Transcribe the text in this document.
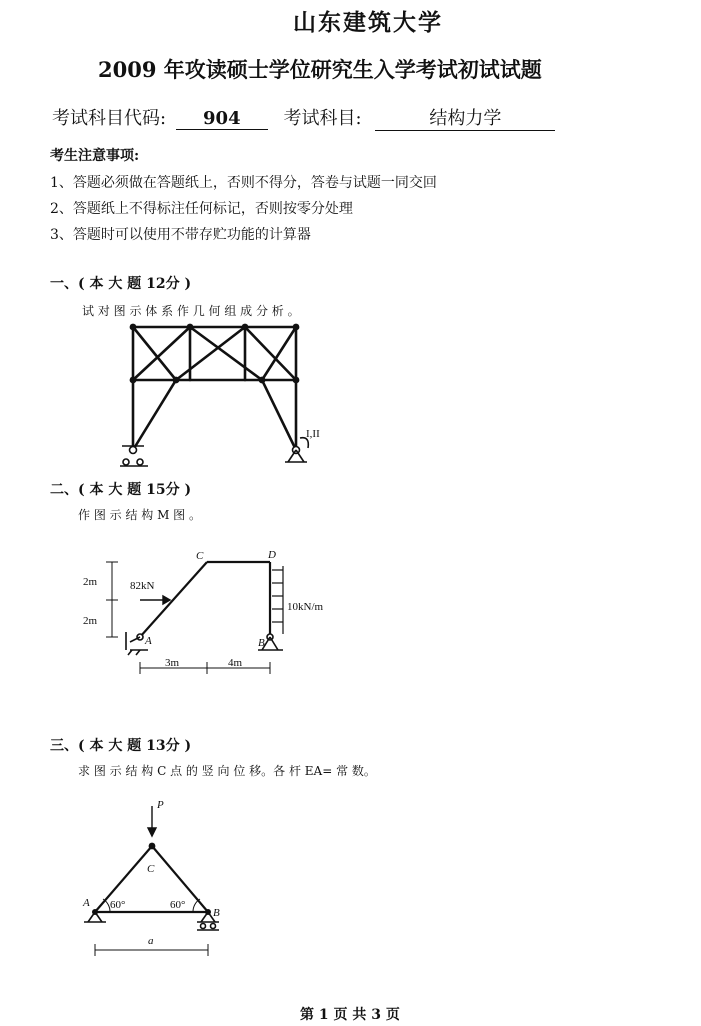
山东建筑大学
2009 年攻读硕士学位研究生入学考试初试试题
考试科目代码: 904 考试科目:	结构力学
考生注意事项:
1、答题必须做在答题纸上，否则不得分，答卷与试题一同交回
2、答题纸上不得标注任何标记，否则按零分处理
3、答题时可以使用不带存贮功能的计算器
一、( 本 大 题 12分 )
试 对 图 示 体 系 作 几 何 组 成 分 析 。
I,II
二、( 本 大 题 15分 )
作 图 示 结 构 M 图 。
C	D
A	B
2m
2m
82kN
10kN/m
3m	4m
三、( 本 大 题 13分 )
求 图 示 结 构 C 点 的 竖 向 位 移。各 杆 EA= 常 数。
P
C
A
B
60°	60°
a
第 1 页 共 3 页
